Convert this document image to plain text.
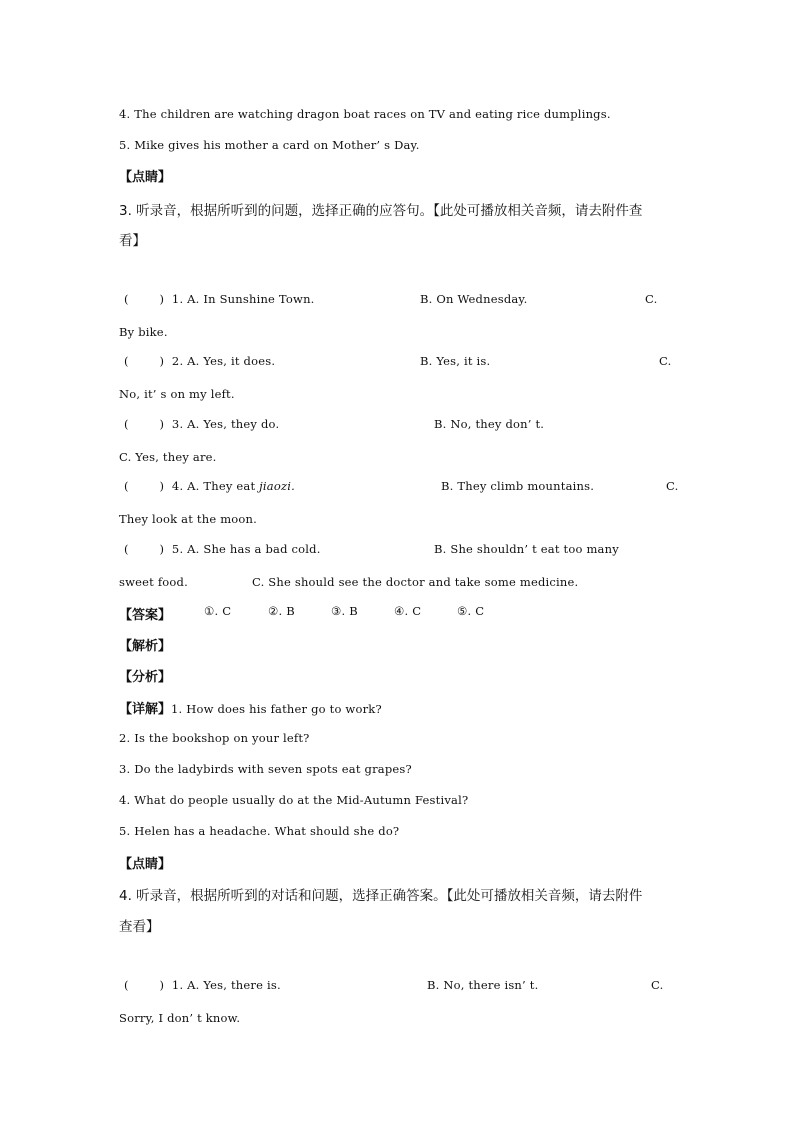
4. The children are watching dragon boat races on TV and eating rice dumplings.
5. Mike gives his mother a card on Mother’ s Day.
【点睛】
3. 听录音，根据所听到的问题，选择正确的应答句。【此处可播放相关音频，请去附件查
看】
(        )  1. A. In Sunshine Town.	B. On Wednesday.	C.
By bike.
(        )  2. A. Yes, it does.	B. Yes, it is.	C.
No, it’ s on my left.
(        )  3. A. Yes, they do.	B. No, they don’ t.
C. Yes, they are.
(        )  4. A. They eat jiaozi.	B. They climb mountains.	C.
They look at the moon.
(        )  5. A. She has a bad cold.	B. She shouldn’ t eat too many
sweet food.	C. She should see the doctor and take some medicine.
【答案】	①. C	②. B	③. B	④. C	⑤. C
【解析】
【分析】
【详解】1. How does his father go to work?
2. Is the bookshop on your left?
3. Do the ladybirds with seven spots eat grapes?
4. What do people usually do at the Mid-Autumn Festival?
5. Helen has a headache. What should she do?
【点睛】
4. 听录音，根据所听到的对话和问题，选择正确答案。【此处可播放相关音频，请去附件
查看】
(        )  1. A. Yes, there is.	B. No, there isn’ t.	C.
Sorry, I don’ t know.
